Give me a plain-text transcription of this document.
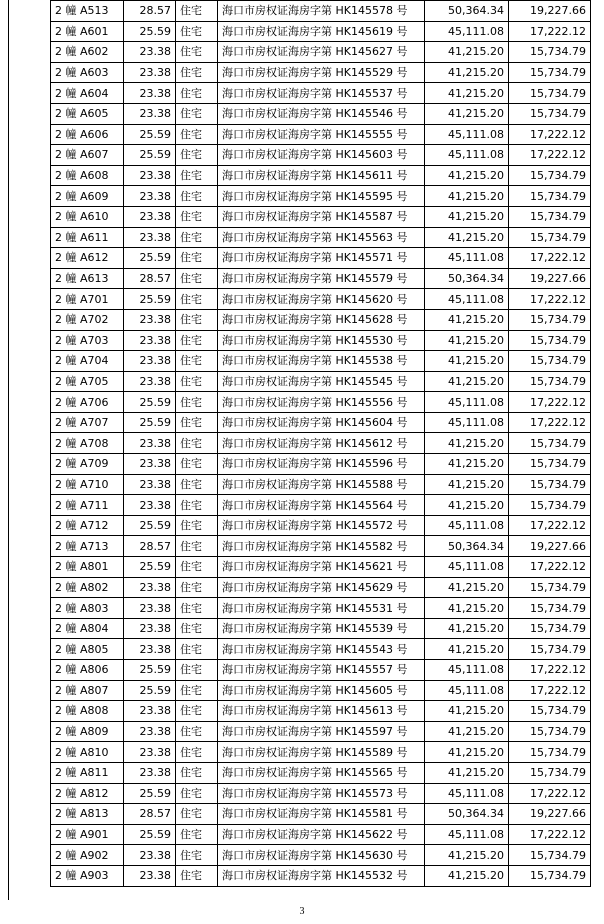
2 幢 A513	28.57	住宅	海口市房权证海房字第 HK145578 号	50,364.34	19,227.66
2 幢 A601	25.59	住宅	海口市房权证海房字第 HK145619 号	45,111.08	17,222.12
2 幢 A602	23.38	住宅	海口市房权证海房字第 HK145627 号	41,215.20	15,734.79
2 幢 A603	23.38	住宅	海口市房权证海房字第 HK145529 号	41,215.20	15,734.79
2 幢 A604	23.38	住宅	海口市房权证海房字第 HK145537 号	41,215.20	15,734.79
2 幢 A605	23.38	住宅	海口市房权证海房字第 HK145546 号	41,215.20	15,734.79
2 幢 A606	25.59	住宅	海口市房权证海房字第 HK145555 号	45,111.08	17,222.12
2 幢 A607	25.59	住宅	海口市房权证海房字第 HK145603 号	45,111.08	17,222.12
2 幢 A608	23.38	住宅	海口市房权证海房字第 HK145611 号	41,215.20	15,734.79
2 幢 A609	23.38	住宅	海口市房权证海房字第 HK145595 号	41,215.20	15,734.79
2 幢 A610	23.38	住宅	海口市房权证海房字第 HK145587 号	41,215.20	15,734.79
2 幢 A611	23.38	住宅	海口市房权证海房字第 HK145563 号	41,215.20	15,734.79
2 幢 A612	25.59	住宅	海口市房权证海房字第 HK145571 号	45,111.08	17,222.12
2 幢 A613	28.57	住宅	海口市房权证海房字第 HK145579 号	50,364.34	19,227.66
2 幢 A701	25.59	住宅	海口市房权证海房字第 HK145620 号	45,111.08	17,222.12
2 幢 A702	23.38	住宅	海口市房权证海房字第 HK145628 号	41,215.20	15,734.79
2 幢 A703	23.38	住宅	海口市房权证海房字第 HK145530 号	41,215.20	15,734.79
2 幢 A704	23.38	住宅	海口市房权证海房字第 HK145538 号	41,215.20	15,734.79
2 幢 A705	23.38	住宅	海口市房权证海房字第 HK145545 号	41,215.20	15,734.79
2 幢 A706	25.59	住宅	海口市房权证海房字第 HK145556 号	45,111.08	17,222.12
2 幢 A707	25.59	住宅	海口市房权证海房字第 HK145604 号	45,111.08	17,222.12
2 幢 A708	23.38	住宅	海口市房权证海房字第 HK145612 号	41,215.20	15,734.79
2 幢 A709	23.38	住宅	海口市房权证海房字第 HK145596 号	41,215.20	15,734.79
2 幢 A710	23.38	住宅	海口市房权证海房字第 HK145588 号	41,215.20	15,734.79
2 幢 A711	23.38	住宅	海口市房权证海房字第 HK145564 号	41,215.20	15,734.79
2 幢 A712	25.59	住宅	海口市房权证海房字第 HK145572 号	45,111.08	17,222.12
2 幢 A713	28.57	住宅	海口市房权证海房字第 HK145582 号	50,364.34	19,227.66
2 幢 A801	25.59	住宅	海口市房权证海房字第 HK145621 号	45,111.08	17,222.12
2 幢 A802	23.38	住宅	海口市房权证海房字第 HK145629 号	41,215.20	15,734.79
2 幢 A803	23.38	住宅	海口市房权证海房字第 HK145531 号	41,215.20	15,734.79
2 幢 A804	23.38	住宅	海口市房权证海房字第 HK145539 号	41,215.20	15,734.79
2 幢 A805	23.38	住宅	海口市房权证海房字第 HK145543 号	41,215.20	15,734.79
2 幢 A806	25.59	住宅	海口市房权证海房字第 HK145557 号	45,111.08	17,222.12
2 幢 A807	25.59	住宅	海口市房权证海房字第 HK145605 号	45,111.08	17,222.12
2 幢 A808	23.38	住宅	海口市房权证海房字第 HK145613 号	41,215.20	15,734.79
2 幢 A809	23.38	住宅	海口市房权证海房字第 HK145597 号	41,215.20	15,734.79
2 幢 A810	23.38	住宅	海口市房权证海房字第 HK145589 号	41,215.20	15,734.79
2 幢 A811	23.38	住宅	海口市房权证海房字第 HK145565 号	41,215.20	15,734.79
2 幢 A812	25.59	住宅	海口市房权证海房字第 HK145573 号	45,111.08	17,222.12
2 幢 A813	28.57	住宅	海口市房权证海房字第 HK145581 号	50,364.34	19,227.66
2 幢 A901	25.59	住宅	海口市房权证海房字第 HK145622 号	45,111.08	17,222.12
2 幢 A902	23.38	住宅	海口市房权证海房字第 HK145630 号	41,215.20	15,734.79
2 幢 A903	23.38	住宅	海口市房权证海房字第 HK145532 号	41,215.20	15,734.79
3
